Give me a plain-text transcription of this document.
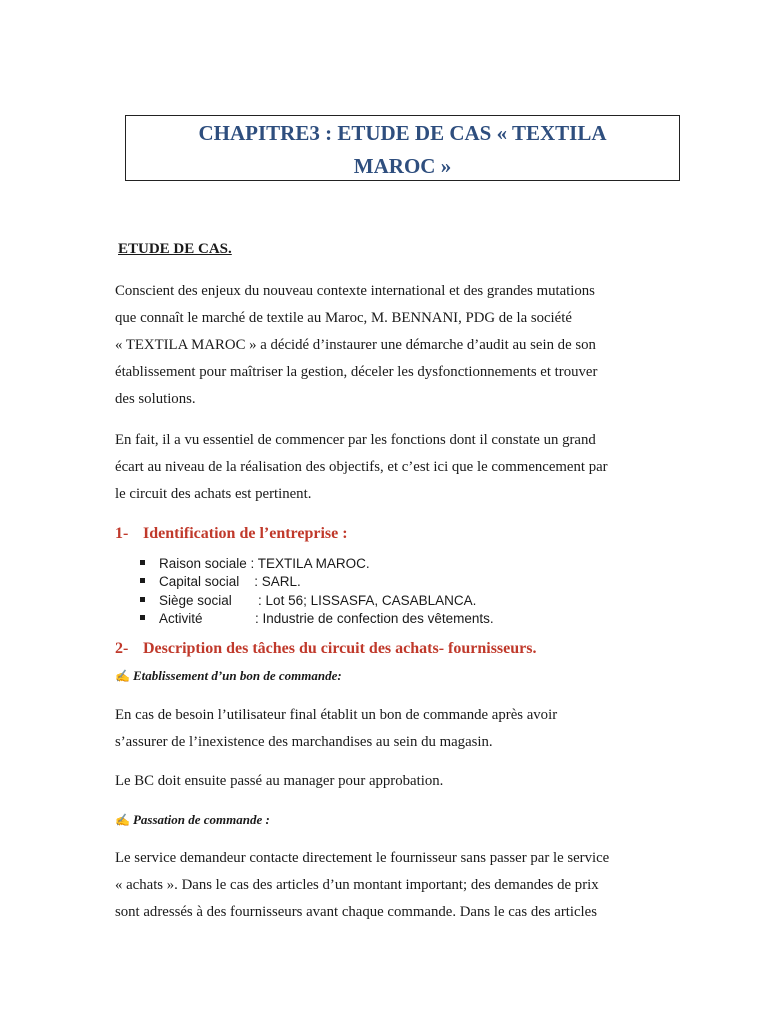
CHAPITRE3 : ETUDE DE CAS « TEXTILA
MAROC »
ETUDE DE CAS.

Conscient des enjeux du nouveau contexte international et des grandes mutations

que connaît le marché de textile au Maroc, M. BENNANI, PDG de la société

« TEXTILA MAROC » a décidé d’instaurer une démarche d’audit au sein de son

établissement pour maîtriser la gestion, déceler les dysfonctionnements et trouver

des solutions.

En fait, il a vu essentiel de commencer par les fonctions dont il constate un grand

écart au niveau de la réalisation des objectifs, et c’est ici que le commencement par

le circuit des achats est pertinent.

1- Identification de l’entreprise :
Raison sociale : TEXTILA MAROC.
Capital social    : SARL.
Siège social       : Lot 56; LISSASFA, CASABLANCA.
Activité              : Industrie de confection des vêtements.
2- Description des tâches du circuit des achats- fournisseurs.
✍ Etablissement d’un bon de commande:

En cas de besoin l’utilisateur final établit un bon de commande après avoir

s’assurer de l’inexistence des marchandises au sein du magasin.

Le BC doit ensuite passé au manager pour approbation.

✍ Passation de commande :

Le service demandeur contacte directement le fournisseur sans passer par le service

« achats ». Dans le cas des articles d’un montant important; des demandes de prix

sont adressés à des fournisseurs avant chaque commande. Dans le cas des articles
